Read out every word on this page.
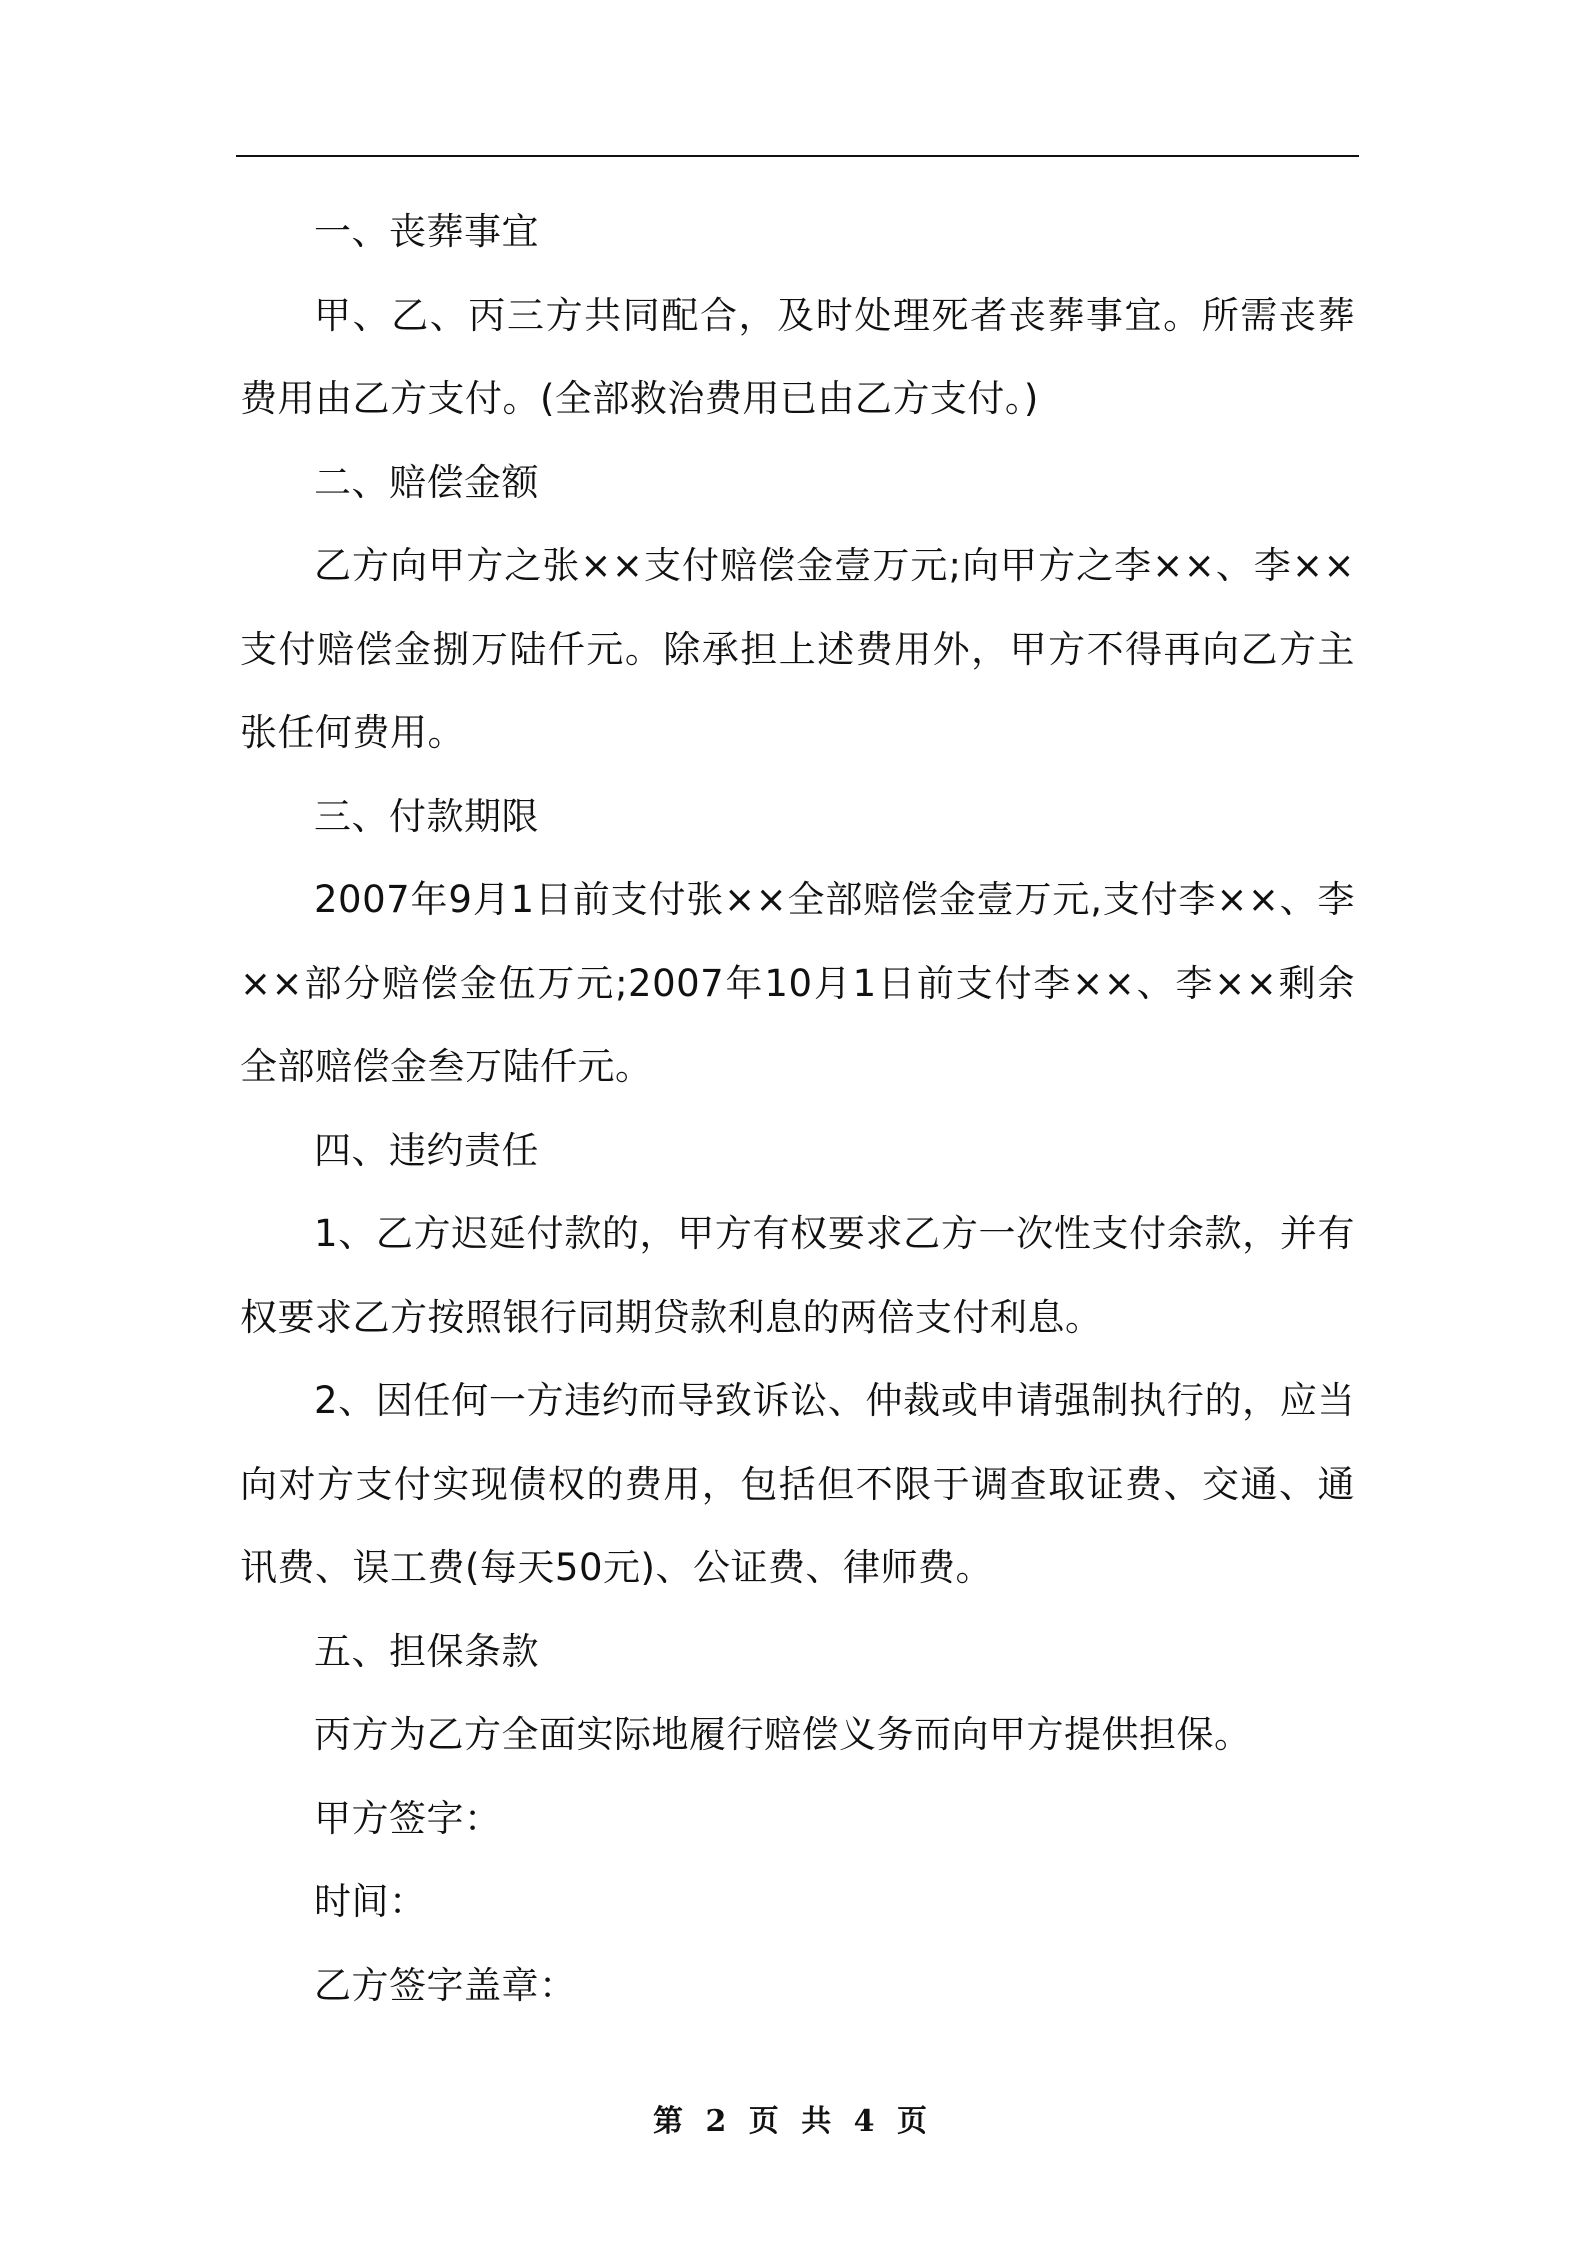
一、丧葬事宜

甲、乙、丙三方共同配合，及时处理死者丧葬事宜。所需丧葬费用由乙方支付。(全部救治费用已由乙方支付。)

二、赔偿金额

乙方向甲方之张××支付赔偿金壹万元;向甲方之李××、李××支付赔偿金捌万陆仟元。除承担上述费用外，甲方不得再向乙方主张任何费用。

三、付款期限

2007年9月1日前支付张××全部赔偿金壹万元,支付李××、李××部分赔偿金伍万元;2007年10月1日前支付李××、李××剩余全部赔偿金叁万陆仟元。

四、违约责任

1、乙方迟延付款的，甲方有权要求乙方一次性支付余款，并有权要求乙方按照银行同期贷款利息的两倍支付利息。

2、因任何一方违约而导致诉讼、仲裁或申请强制执行的，应当向对方支付实现债权的费用，包括但不限于调查取证费、交通、通讯费、误工费(每天50元)、公证费、律师费。

五、担保条款

丙方为乙方全面实际地履行赔偿义务而向甲方提供担保。

甲方签字：

时间：

乙方签字盖章：

第 2 页 共 4 页
